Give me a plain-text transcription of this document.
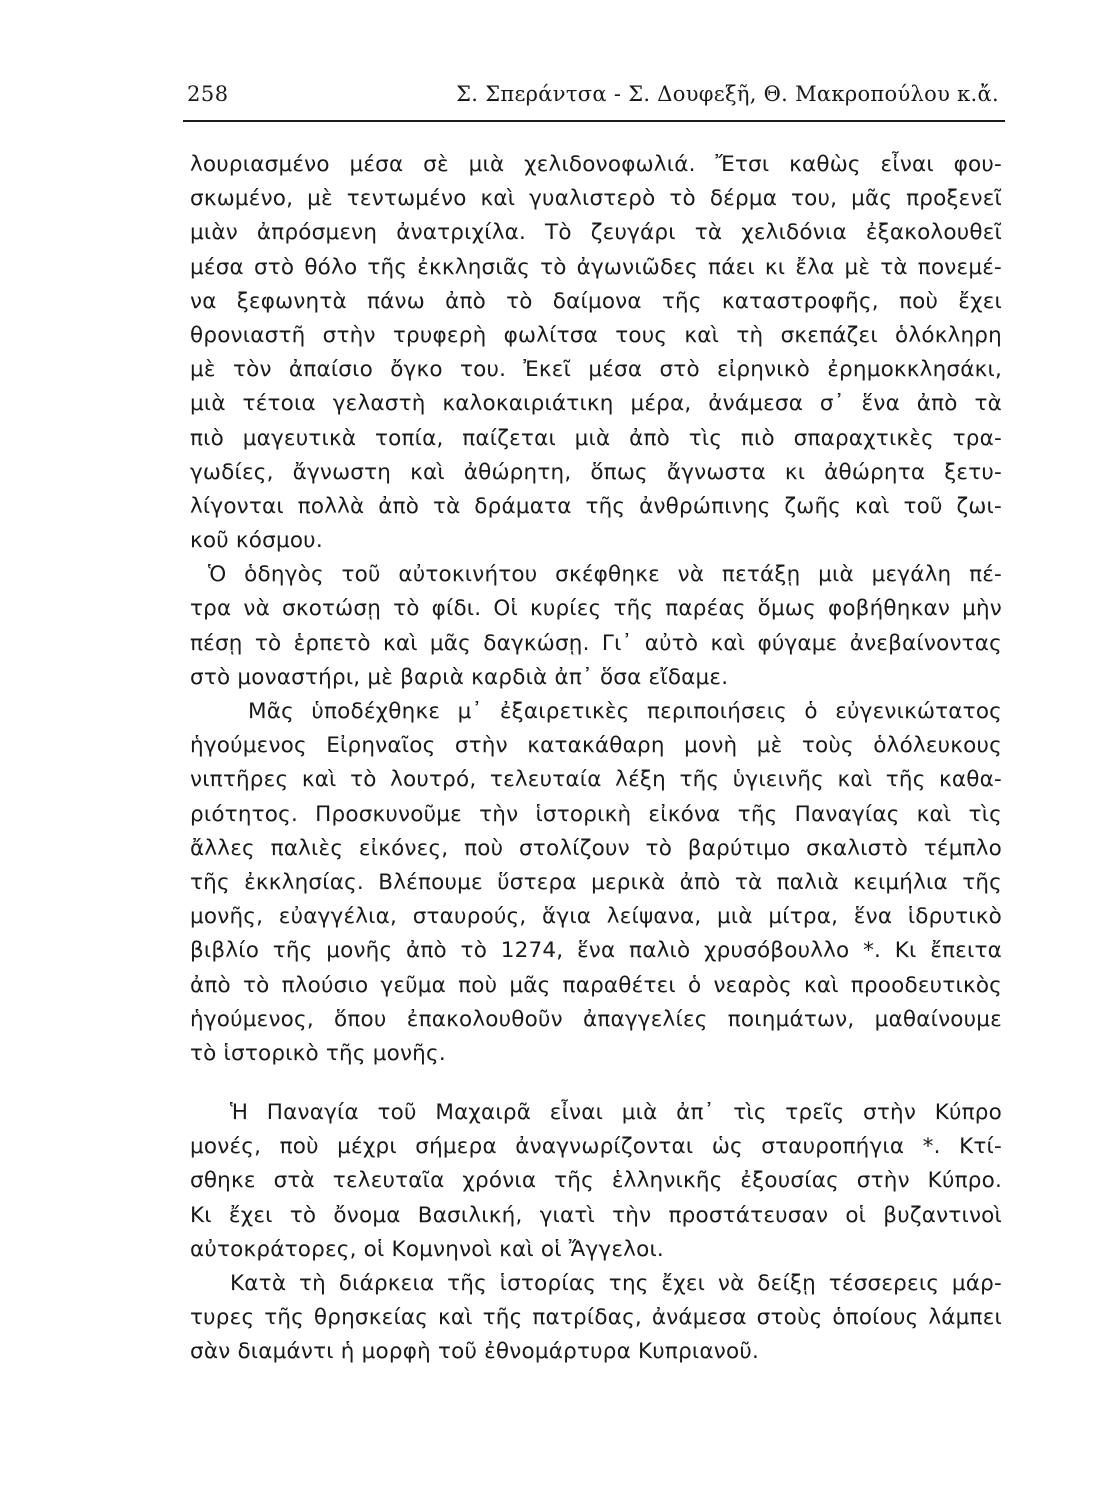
258	Σ. Σπεράντσα - Σ. Δουφεξῆ, Θ. Μακροπούλου κ.ἄ.
λουριασμένο μέσα σὲ μιὰ χελιδονοφωλιά. Ἔτσι καθὼς εἶναι φου-
σκωμένο, μὲ τεντωμένο καὶ γυαλιστερὸ τὸ δέρμα του, μᾶς προξενεῖ
μιὰν ἀπρόσμενη ἀνατριχίλα. Τὸ ζευγάρι τὰ χελιδόνια ἐξακολουθεῖ
μέσα στὸ θόλο τῆς ἐκκλησιᾶς τὸ ἀγωνιῶδες πάει κι ἔλα μὲ τὰ πονεμέ-
να ξεφωνητὰ πάνω ἀπὸ τὸ δαίμονα τῆς καταστροφῆς, ποὺ ἔχει
θρονιαστῆ στὴν τρυφερὴ φωλίτσα τους καὶ τὴ σκεπάζει ὁλόκληρη
μὲ τὸν ἀπαίσιο ὄγκο του. Ἐκεῖ μέσα στὸ εἰρηνικὸ ἐρημοκκλησάκι,
μιὰ τέτοια γελαστὴ καλοκαιριάτικη μέρα, ἀνάμεσα σ᾽ ἕνα ἀπὸ τὰ
πιὸ μαγευτικὰ τοπία, παίζεται μιὰ ἀπὸ τὶς πιὸ σπαραχτικὲς τρα-
γωδίες, ἄγνωστη καὶ ἀθώρητη, ὅπως ἄγνωστα κι ἀθώρητα ξετυ-
λίγονται πολλὰ ἀπὸ τὰ δράματα τῆς ἀνθρώπινης ζωῆς καὶ τοῦ ζωι-
κοῦ κόσμου.
Ὁ ὁδηγὸς τοῦ αὐτοκινήτου σκέφθηκε νὰ πετάξῃ μιὰ μεγάλη πέ-
τρα νὰ σκοτώσῃ τὸ φίδι. Οἱ κυρίες τῆς παρέας ὅμως φοβήθηκαν μὴν
πέσῃ τὸ ἑρπετὸ καὶ μᾶς δαγκώσῃ. Γι᾽ αὐτὸ καὶ φύγαμε ἀνεβαίνοντας
στὸ μοναστήρι, μὲ βαριὰ καρδιὰ ἀπ᾽ ὅσα εἴδαμε.
Μᾶς ὑποδέχθηκε μ᾽ ἐξαιρετικὲς περιποιήσεις ὁ εὐγενικώτατος
ἡγούμενος Εἰρηναῖος στὴν κατακάθαρη μονὴ μὲ τοὺς ὁλόλευκους
νιπτῆρες καὶ τὸ λουτρό, τελευταία λέξη τῆς ὑγιεινῆς καὶ τῆς καθα-
ριότητος. Προσκυνοῦμε τὴν ἱστορικὴ εἰκόνα τῆς Παναγίας καὶ τὶς
ἄλλες παλιὲς εἰκόνες, ποὺ στολίζουν τὸ βαρύτιμο σκαλιστὸ τέμπλο
τῆς ἐκκλησίας. Βλέπουμε ὕστερα μερικὰ ἀπὸ τὰ παλιὰ κειμήλια τῆς
μονῆς, εὐαγγέλια, σταυρούς, ἅγια λείψανα, μιὰ μίτρα, ἕνα ἱδρυτικὸ
βιβλίο τῆς μονῆς ἀπὸ τὸ 1274, ἕνα παλιὸ χρυσόβουλλο *. Κι ἔπειτα
ἀπὸ τὸ πλούσιο γεῦμα ποὺ μᾶς παραθέτει ὁ νεαρὸς καὶ προοδευτικὸς
ἡγούμενος, ὅπου ἐπακολουθοῦν ἀπαγγελίες ποιημάτων, μαθαίνουμε
τὸ ἱστορικὸ τῆς μονῆς.
Ἡ Παναγία τοῦ Μαχαιρᾶ εἶναι μιὰ ἀπ᾽ τὶς τρεῖς στὴν Κύπρο
μονές, ποὺ μέχρι σήμερα ἀναγνωρίζονται ὡς σταυροπήγια *. Κτί-
σθηκε στὰ τελευταῖα χρόνια τῆς ἑλληνικῆς ἐξουσίας στὴν Κύπρο.
Κι ἔχει τὸ ὄνομα Βασιλική, γιατὶ τὴν προστάτευσαν οἱ βυζαντινοὶ
αὐτοκράτορες, οἱ Κομνηνοὶ καὶ οἱ Ἄγγελοι.
Κατὰ τὴ διάρκεια τῆς ἱστορίας της ἔχει νὰ δείξῃ τέσσερεις μάρ-
τυρες τῆς θρησκείας καὶ τῆς πατρίδας, ἀνάμεσα στοὺς ὁποίους λάμπει
σὰν διαμάντι ἡ μορφὴ τοῦ ἐθνομάρτυρα Κυπριανοῦ.
